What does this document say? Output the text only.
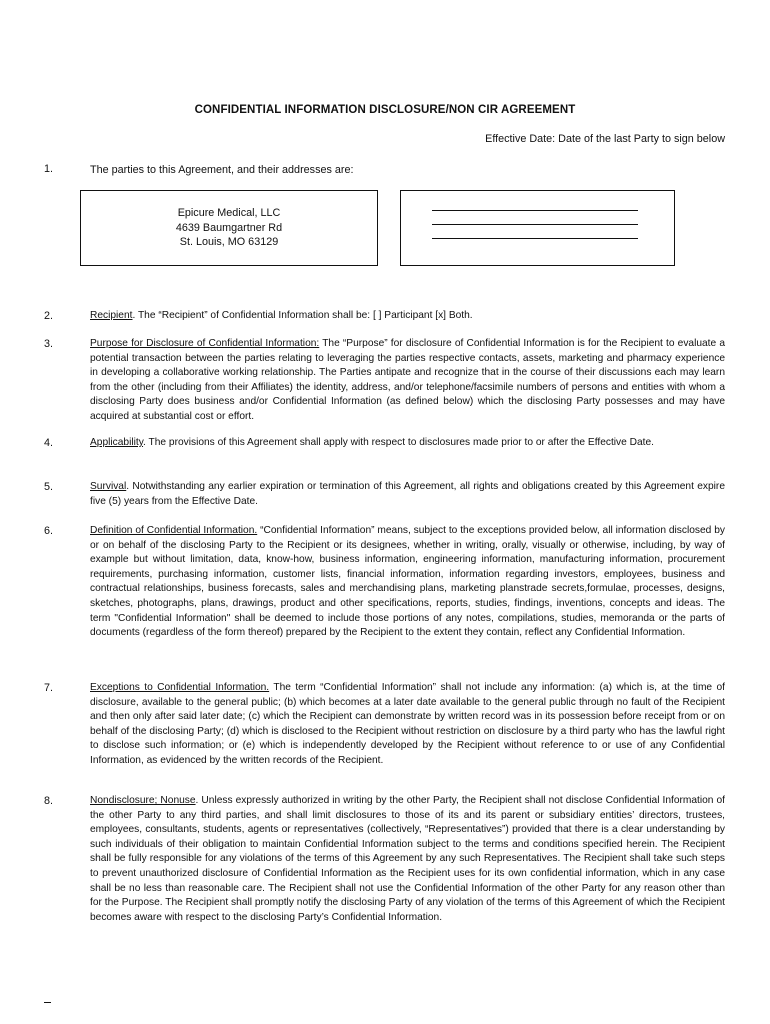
CONFIDENTIAL INFORMATION DISCLOSURE/NON CIR AGREEMENT
Effective Date: Date of the last Party to sign below
1.	The parties to this Agreement, and their addresses are:
Epicure Medical, LLC
4639 Baumgartner Rd
St. Louis, MO 63129
2.	Recipient. The “Recipient” of Confidential Information shall be: [ ] Participant [x] Both.
3.	Purpose for Disclosure of Confidential Information: The “Purpose” for disclosure of Confidential Information is for the Recipient to evaluate a potential transaction between the parties relating to leveraging the parties respective contacts, assets, marketing and pharmacy experience in developing a collaborative working relationship. The Parties antipate and recognize that in the course of their discussions each may learn from the other (including from their Affiliates) the identity, address, and/or telephone/facsimile numbers of persons and entities with whom a disclosing Party does business and/or Confidential Information (as defined below) which the disclosing Party possesses and may have acquired at substantial cost or effort.
4.	Applicability. The provisions of this Agreement shall apply with respect to disclosures made prior to or after the Effective Date.
5.	Survival. Notwithstanding any earlier expiration or termination of this Agreement, all rights and obligations created by this Agreement expire five (5) years from the Effective Date.
6.	Definition of Confidential Information. “Confidential Information” means, subject to the exceptions provided below, all information disclosed by or on behalf of the disclosing Party to the Recipient or its designees, whether in writing, orally, visually or otherwise, including, by way of example but without limitation, data, know-how, business information, engineering information, manufacturing information, procurement requirements, purchasing information, customer lists, financial information, information regarding investors, employees, business and contractual relationships, business forecasts, sales and merchandising plans, marketing planstrade secrets,formulae, processes, designs, sketches, photographs, plans, drawings, product and other specifications, reports, studies, findings, inventions, concepts and ideas. The term "Confidential Information" shall be deemed to include those portions of any notes, compilations, studies, memoranda or the parts of documents (regardless of the form thereof) prepared by the Recipient to the extent they contain, reflect any Confidential Information.
7.	Exceptions to Confidential Information. The term “Confidential Information” shall not include any information: (a) which is, at the time of disclosure, available to the general public; (b) which becomes at a later date available to the general public through no fault of the Recipient and then only after said later date; (c) which the Recipient can demonstrate by written record was in its possession before receipt from or on behalf of the disclosing Party; (d) which is disclosed to the Recipient without restriction on disclosure by a third party who has the lawful right to disclose such information; or (e) which is independently developed by the Recipient without reference to or use of any Confidential Information, as evidenced by the written records of the Recipient.
8.	Nondisclosure; Nonuse. Unless expressly authorized in writing by the other Party, the Recipient shall not disclose Confidential Information of the other Party to any third parties, and shall limit disclosures to those of its and its parent or subsidiary entities’ directors, trustees, employees, consultants, students, agents or representatives (collectively, “Representatives”) provided that there is a clear understanding by such individuals of their obligation to maintain Confidential Information subject to the terms and conditions specified herein. The Recipient shall be fully responsible for any violations of the terms of this Agreement by any such Representatives. The Recipient shall take such steps to prevent unauthorized disclosure of Confidential Information as the Recipient uses for its own confidential information, which in any case shall be no less than reasonable care. The Recipient shall not use the Confidential Information of the other Party for any reason other than for the Purpose. The Recipient shall promptly notify the disclosing Party of any violation of the terms of this Agreement of which the Recipient becomes aware with respect to the disclosing Party’s Confidential Information.
